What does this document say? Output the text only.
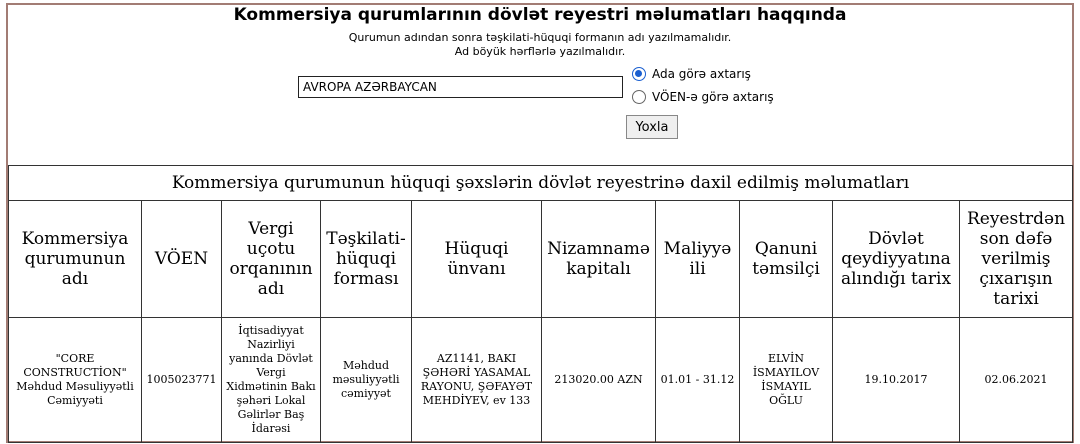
Kommersiya qurumlarının dövlət reyestri məlumatları haqqında
Qurumun adından sonra təşkilati-hüquqi formanın adı yazılmamalıdır.
Ad böyük hərflərlə yazılmalıdır.
AVROPA AZƏRBAYCAN
Ada görə axtarış
VÖEN-ə görə axtarış
Yoxla
Kommersiya qurumunun hüquqi şəxslərin dövlət reyestrinə daxil edilmiş məlumatları									
Kommersiya qurumunun adı	VÖEN	Vergi uçotu orqanının adı	Təşkilati-hüquqi forması	Hüquqi ünvanı	Nizamnamə kapitalı	Maliyyə ili	Qanuni təmsilçi	Dövlət qeydiyyatına alındığı tarix	Reyestrdən son dəfə verilmiş çıxarışın tarixi
"CORE CONSTRUCTİON" Məhdud Məsuliyyətli Cəmiyyəti	1005023771	İqtisadiyyat Nazirliyi yanında Dövlət Vergi Xidmətinin Bakı şəhəri Lokal Gəlirlər Baş İdarəsi	Məhdud məsuliyyətli cəmiyyət	AZ1141, BAKI ŞƏHƏRİ YASAMAL RAYONU, ŞƏFAYƏT MEHDİYEV, ev 133	213020.00 AZN	01.01 - 31.12	ELVİN İSMAYILOV İSMAYIL OĞLU	19.10.2017	02.06.2021
